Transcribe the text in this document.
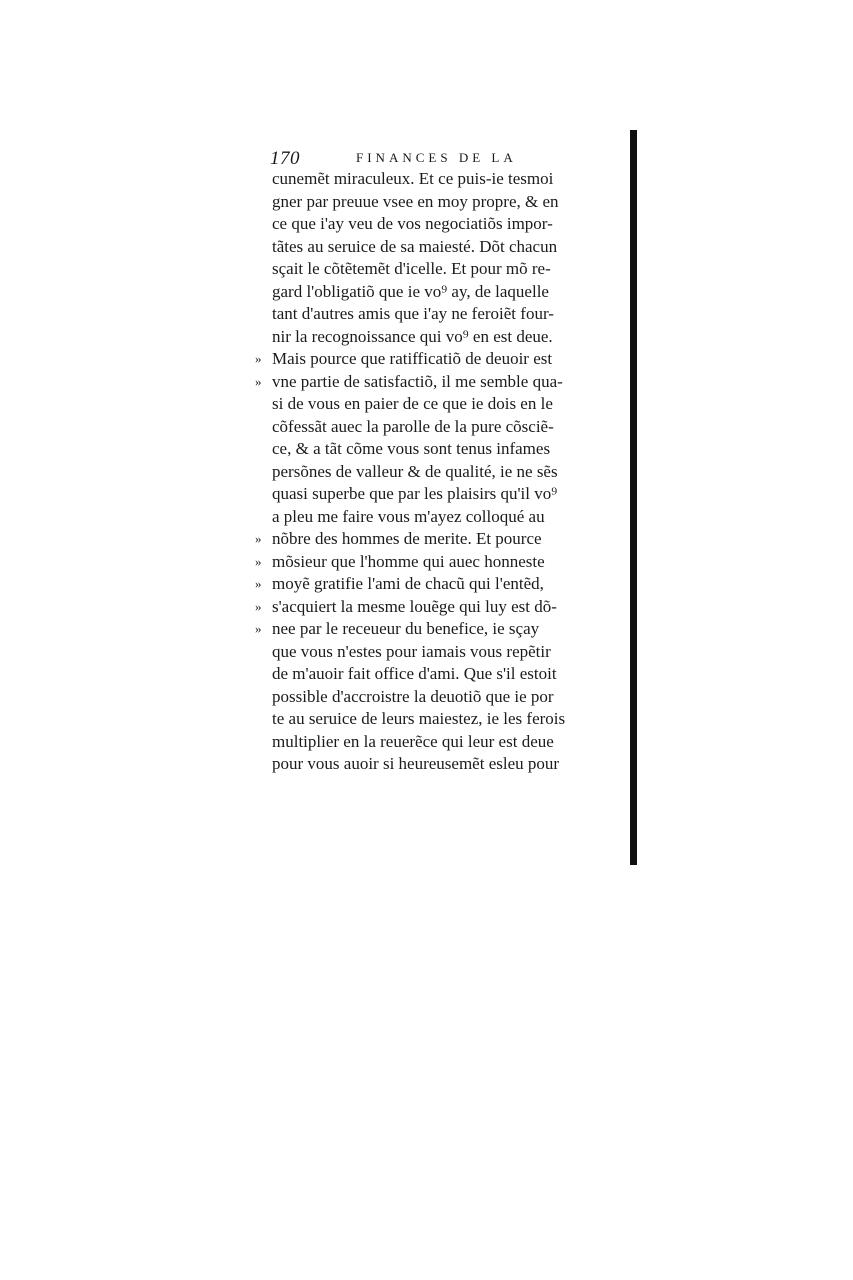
170	FINANCES DE LA
cunemẽt miraculeux. Et ce puis-ie tesmoi
gner par preuue vsee en moy propre, & en
ce que i'ay veu de vos negociatiõs impor-
tãtes au seruice de sa maiesté. Dõt chacun
sçait le cõtẽtemẽt d'icelle. Et pour mõ re-
gard l'obligatiõ que ie vo⁹ ay, de laquelle
tant d'autres amis que i'ay ne feroiẽt four-
nir la recognoissance qui vo⁹ en est deue.
» Mais pource que ratifficatiõ de deuoir est
» vne partie de satisfactiõ, il me semble qua-
si de vous en paier de ce que ie dois en le
cõfessãt auec la parolle de la pure cõsciẽ-
ce, & a tãt cõme vous sont tenus infames
persõnes de valleur & de qualité, ie ne sẽs
quasi superbe que par les plaisirs qu'il vo⁹
a pleu me faire vous m'ayez colloqué au
» nõbre des hommes de merite. Et pource
» mõsieur que l'homme qui auec honneste
» moyẽ gratifie l'ami de chacũ qui l'entẽd,
» s'acquiert la mesme louẽge qui luy est dõ-
» nee par le receueur du benefice, ie sçay
que vous n'estes pour iamais vous repẽtir
de m'auoir fait office d'ami. Que s'il estoit
possible d'accroistre la deuotiõ que ie por
te au seruice de leurs maiestez, ie les ferois
multiplier en la reuerẽce qui leur est deue
pour vous auoir si heureusemẽt esleu pour
